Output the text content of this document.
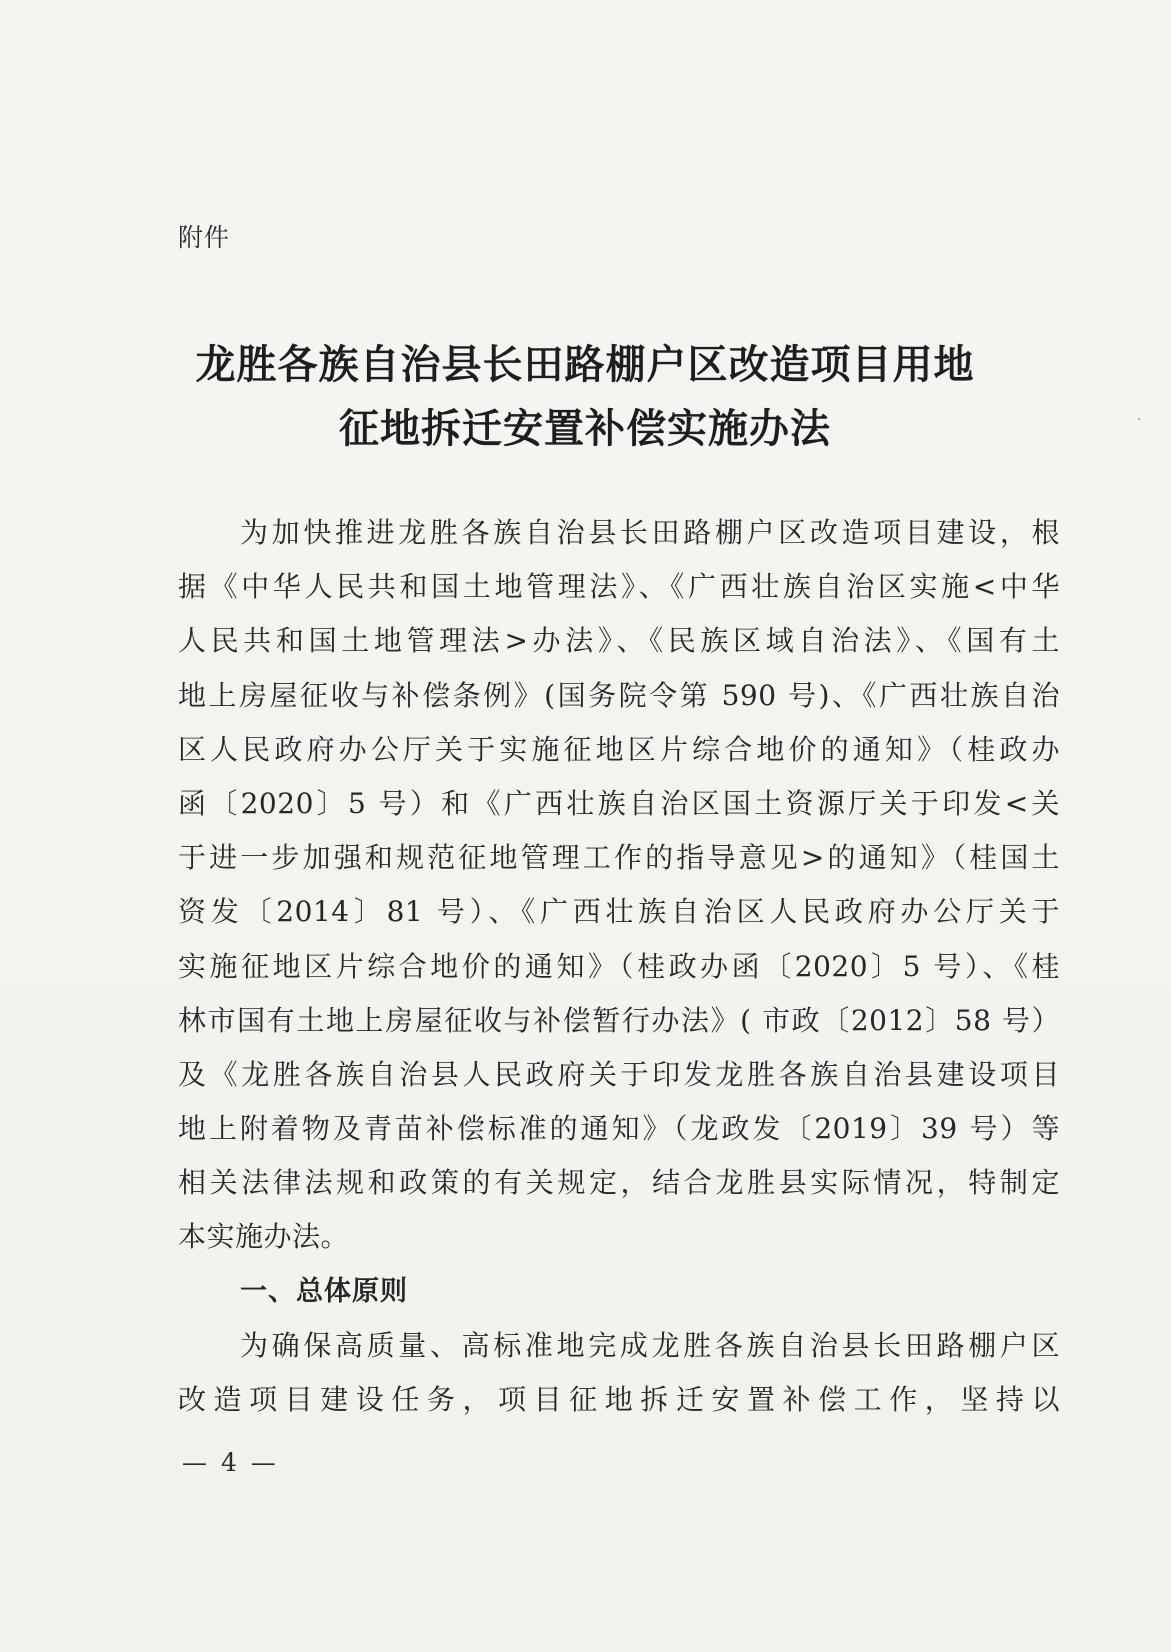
附件
龙胜各族自治县长田路棚户区改造项目用地
征地拆迁安置补偿实施办法
为加快推进龙胜各族自治县长田路棚户区改造项目建设，根
据《中华人民共和国土地管理法》、《广西壮族自治区实施<中华
人民共和国土地管理法>办法》、《民族区域自治法》、《国有土
地上房屋征收与补偿条例》(国务院令第 590 号)、《广西壮族自治
区人民政府办公厅关于实施征地区片综合地价的通知》（桂政办
函〔2020〕5 号）和《广西壮族自治区国土资源厅关于印发<关
于进一步加强和规范征地管理工作的指导意见>的通知》（桂国土
资发〔2014〕81 号）、《广西壮族自治区人民政府办公厅关于
实施征地区片综合地价的通知》（桂政办函〔2020〕5 号）、《桂
林市国有土地上房屋征收与补偿暂行办法》( 市政〔2012〕58 号）
及《龙胜各族自治县人民政府关于印发龙胜各族自治县建设项目
地上附着物及青苗补偿标准的通知》（龙政发〔2019〕39 号）等
相关法律法规和政策的有关规定，结合龙胜县实际情况，特制定
本实施办法。
一、总体原则
为确保高质量、高标准地完成龙胜各族自治县长田路棚户区
改造项目建设任务，项目征地拆迁安置补偿工作，坚持以
— 4 —
